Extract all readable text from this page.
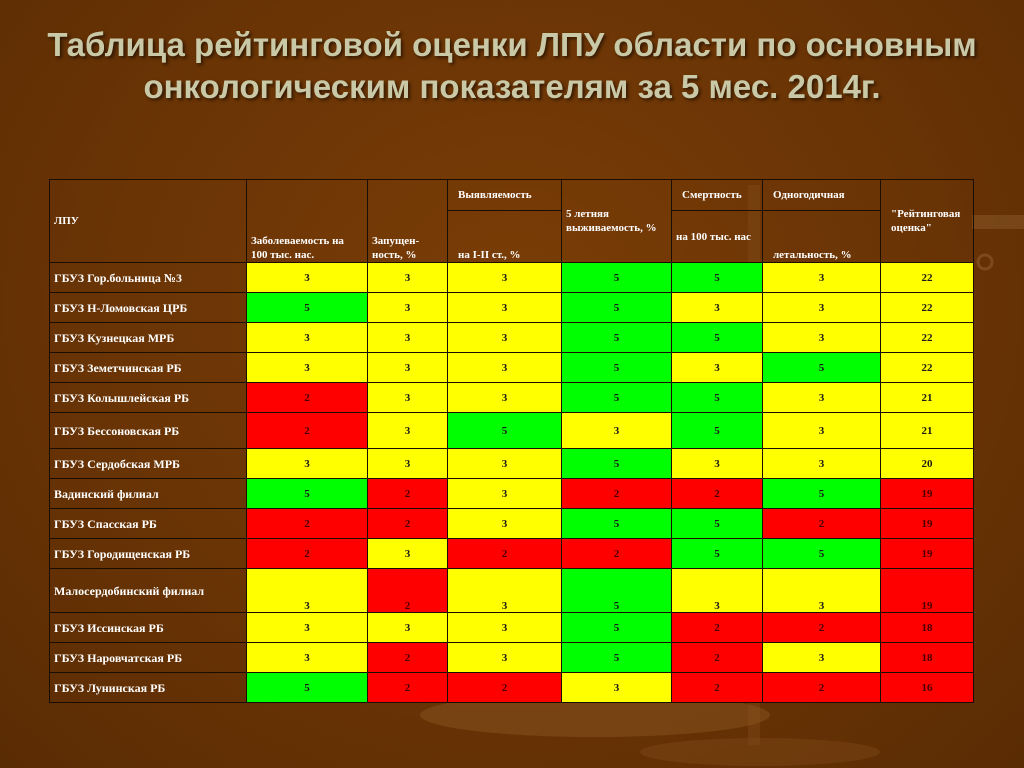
Таблица рейтинговой оценки ЛПУ области по основным
онкологическим показателям за 5 мес. 2014г.
ЛПУ	Заболеваемость на 100 тыс. нас.	Запущен-ность, %	Выявляемость	5 летняя выживаемость, %	Смертность	Одногодичная	"Рейтинговая оценка"
			на I-II ст., %		на 100 тыс. нас	летальность, %	
ГБУЗ Гор.больница №3	3	3	3	5	5	3	22
ГБУЗ Н-Ломовская ЦРБ	5	3	3	5	3	3	22
ГБУЗ Кузнецкая МРБ	3	3	3	5	5	3	22
ГБУЗ Земетчинская РБ	3	3	3	5	3	5	22
ГБУЗ Колышлейская РБ	2	3	3	5	5	3	21
ГБУЗ Бессоновская РБ	2	3	5	3	5	3	21
ГБУЗ Сердобская МРБ	3	3	3	5	3	3	20
Вадинский филиал	5	2	3	2	2	5	19
ГБУЗ Спасская РБ	2	2	3	5	5	2	19
ГБУЗ Городищенская РБ	2	3	2	2	5	5	19
Малосердобинский филиал	3	2	3	5	3	3	19
ГБУЗ Иссинская РБ	3	3	3	5	2	2	18
ГБУЗ Наровчатская РБ	3	2	3	5	2	3	18
ГБУЗ Лунинская РБ	5	2	2	3	2	2	16
